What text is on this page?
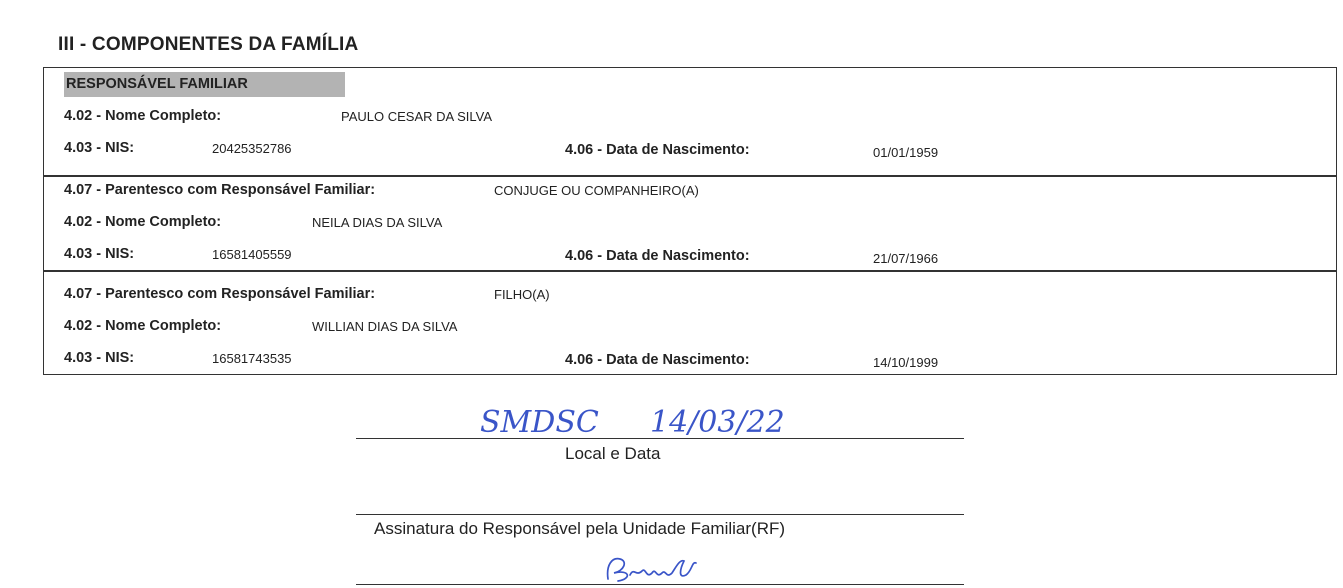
III - COMPONENTES DA FAMÍLIA
RESPONSÁVEL FAMILIAR
4.02 - Nome Completo:	PAULO CESAR DA SILVA
4.03 - NIS:	20425352786	4.06 - Data de Nascimento:	01/01/1959
4.07 - Parentesco com Responsável Familiar:	CONJUGE OU COMPANHEIRO(A)
4.02 - Nome Completo:	NEILA DIAS DA SILVA
4.03 - NIS:	16581405559	4.06 - Data de Nascimento:	21/07/1966
4.07 - Parentesco com Responsável Familiar:	FILHO(A)
4.02 - Nome Completo:	WILLIAN DIAS DA SILVA
4.03 - NIS:	16581743535	4.06 - Data de Nascimento:	14/10/1999
SMDSC 14/03/22
Local e Data
Assinatura do Responsável pela Unidade Familiar(RF)
Bruna
